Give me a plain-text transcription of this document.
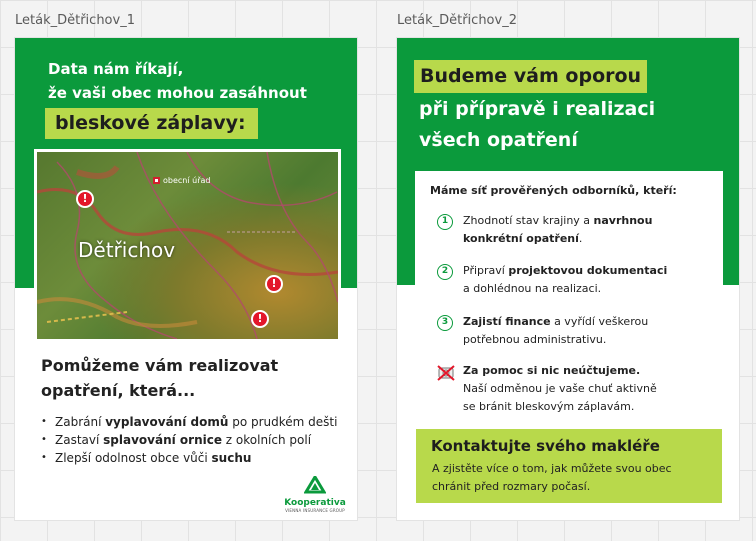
Leták_Dětřichov_1
Data nám říkají,
že vaši obec mohou zasáhnout
bleskové záplavy:
obecní úřad
Dětřichov
!
!
!
Pomůžeme vám realizovat
opatření, která...
• Zabrání vyplavování domů po prudkém dešti
• Zastaví splavování ornice z okolních polí
• Zlepší odolnost obce vůči suchu
Kooperativa
VIENNA INSURANCE GROUP
Leták_Dětřichov_2
Budeme vám oporou
při přípravě i realizaci
všech opatření
Máme síť prověřených odborníků, kteří:
1	Zhodnotí stav krajiny a navrhnou
konkrétní opatření.
2	Připraví projektovou dokumentaci
a dohlédnou na realizaci.
3	Zajistí finance a vyřídí veškerou
potřebnou administrativu.
Za pomoc si nic neúčtujeme.
Naší odměnou je vaše chuť aktivně
se bránit bleskovým záplavám.
Kontaktujte svého makléře
A zjistěte více o tom, jak můžete svou obec
chránit před rozmary počasí.
